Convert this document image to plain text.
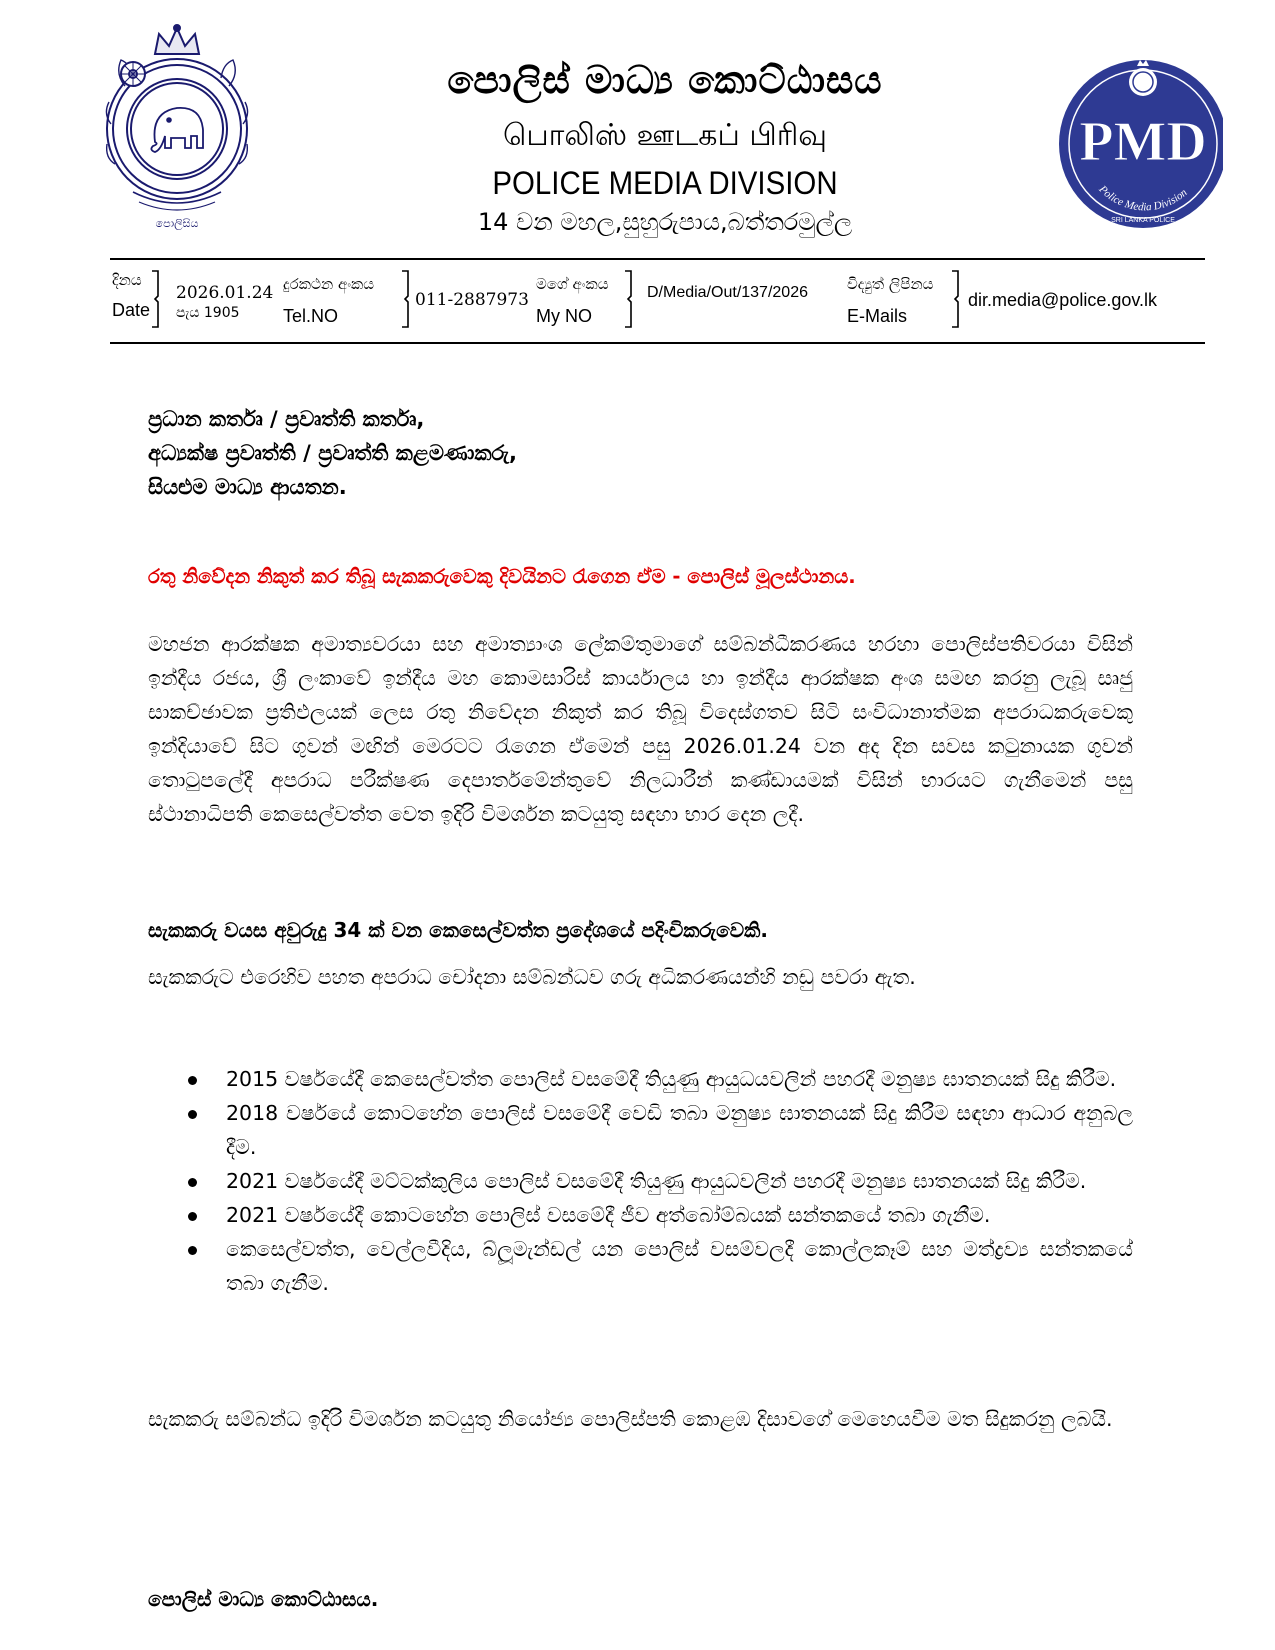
පොලිසිය
පොලිස් මාධ්‍ය කොට්ඨාසය
பொலிஸ் ஊடகப் பிரிவு
POLICE MEDIA DIVISION
14 වන මහල,සුහුරුපාය,බත්තරමුල්ල
PMD
Police Media Division
SRI LANKA POLICE
දිනය
Date
2026.01.24
පැය 1905
දුරකථන අංකය
Tel.NO
011-2887973
මගේ අංකය
My NO
D/Media/Out/137/2026	විද්‍යුත් ලිපිනය
E-Mails
dir.media@police.gov.lk
ප්‍රධාන කර්තෘ / ප්‍රවෘත්ති කර්තෘ,
අධ්‍යක්ෂ ප්‍රවෘත්ති / ප්‍රවෘත්ති කළමණාකරු,
සියළුම මාධ්‍ය ආයතන.
රතු නිවේදන නිකුත් කර තිබූ සැකකරුවෙකු දිවයිනට රැගෙන ඒම - පොලිස් මූලස්ථානය.
මහජන ආරක්ෂක අමාත්‍යවරයා සහ අමාත්‍යාංශ ලේකම්තුමාගේ සම්බන්ධීකරණය හරහා පොලිස්පතිවරයා විසින් ඉන්දීය රජය, ශ්‍රී ලංකාවේ ඉන්දීය මහ කොමසාරිස් කාර්යාලය හා ඉන්දීය ආරක්ෂක අංශ සමඟ කරනු ලැබූ සෘජු සාකච්ඡාවක ප්‍රතිඵලයක් ලෙස රතු නිවේදන නිකුත් කර තිබූ විදෙස්ගතව සිටි සංවිධානාත්මක අපරාධකරුවෙකු ඉන්දියාවේ සිට ගුවන් මඟින් මෙරටට රැගෙන ඒමෙන් පසු 2026.01.24 වන අද දින සවස කටුනායක ගුවන් තොටුපලේදී අපරාධ පරීක්ෂණ දෙපාර්තමේන්තුවේ නිලධාරීන් කණ්ඩායමක් විසින් භාරයට ගැනීමෙන් පසු ස්ථානාධිපති කෙසෙල්වත්ත වෙත ඉදිරි විමර්ශන කටයුතු සඳහා භාර දෙන ලදී.
සැකකරු වයස අවුරුදු 34 ක් වන කෙසෙල්වත්ත ප්‍රදේශයේ පදිංචිකරුවෙකි.
සැකකරුට එරෙහිව පහත අපරාධ චෝදනා සම්බන්ධව ගරු අධිකරණයන්හි නඩු පවරා ඇත.
2015 වර්ෂයේදී කෙසෙල්වත්ත පොලිස් වසමේදී තියුණු ආයුධයවලින් පහරදී මනුෂ්‍ය ඝාතනයක් සිදු කිරීම.
2018 වර්ෂයේ කොටහේන පොලිස් වසමේදී වෙඩි තබා මනුෂ්‍ය ඝාතනයක් සිදු කිරීම සඳහා ආධාර අනුබල දීම.
2021 වර්ෂයේදී මට්ටක්කුලිය පොලිස් වසමේදී තියුණු ආයුධවලින් පහරදී මනුෂ්‍ය ඝාතනයක් සිදු කිරීම.
2021 වර්ෂයේදී කොටහේන පොලිස් වසමේදී ජීව අත්බෝම්බයක් සන්තකයේ තබා ගැනීම.
කෙසෙල්වත්ත, වෙල්ලවීදිය, බ්ලූමැන්ඩල් යන පොලිස් වසම්වලදී කොල්ලකෑම් සහ මත්ද්‍රව්‍ය සන්තකයේ තබා ගැනීම.
සැකකරු සම්බන්ධ ඉදිරි විමර්ශන කටයුතු නියෝජ්‍ය පොලිස්පති කොළඹ දිසාවගේ මෙහෙයවීම මත සිදුකරනු ලබයි.
පොලිස් මාධ්‍ය කොට්ඨාසය.
